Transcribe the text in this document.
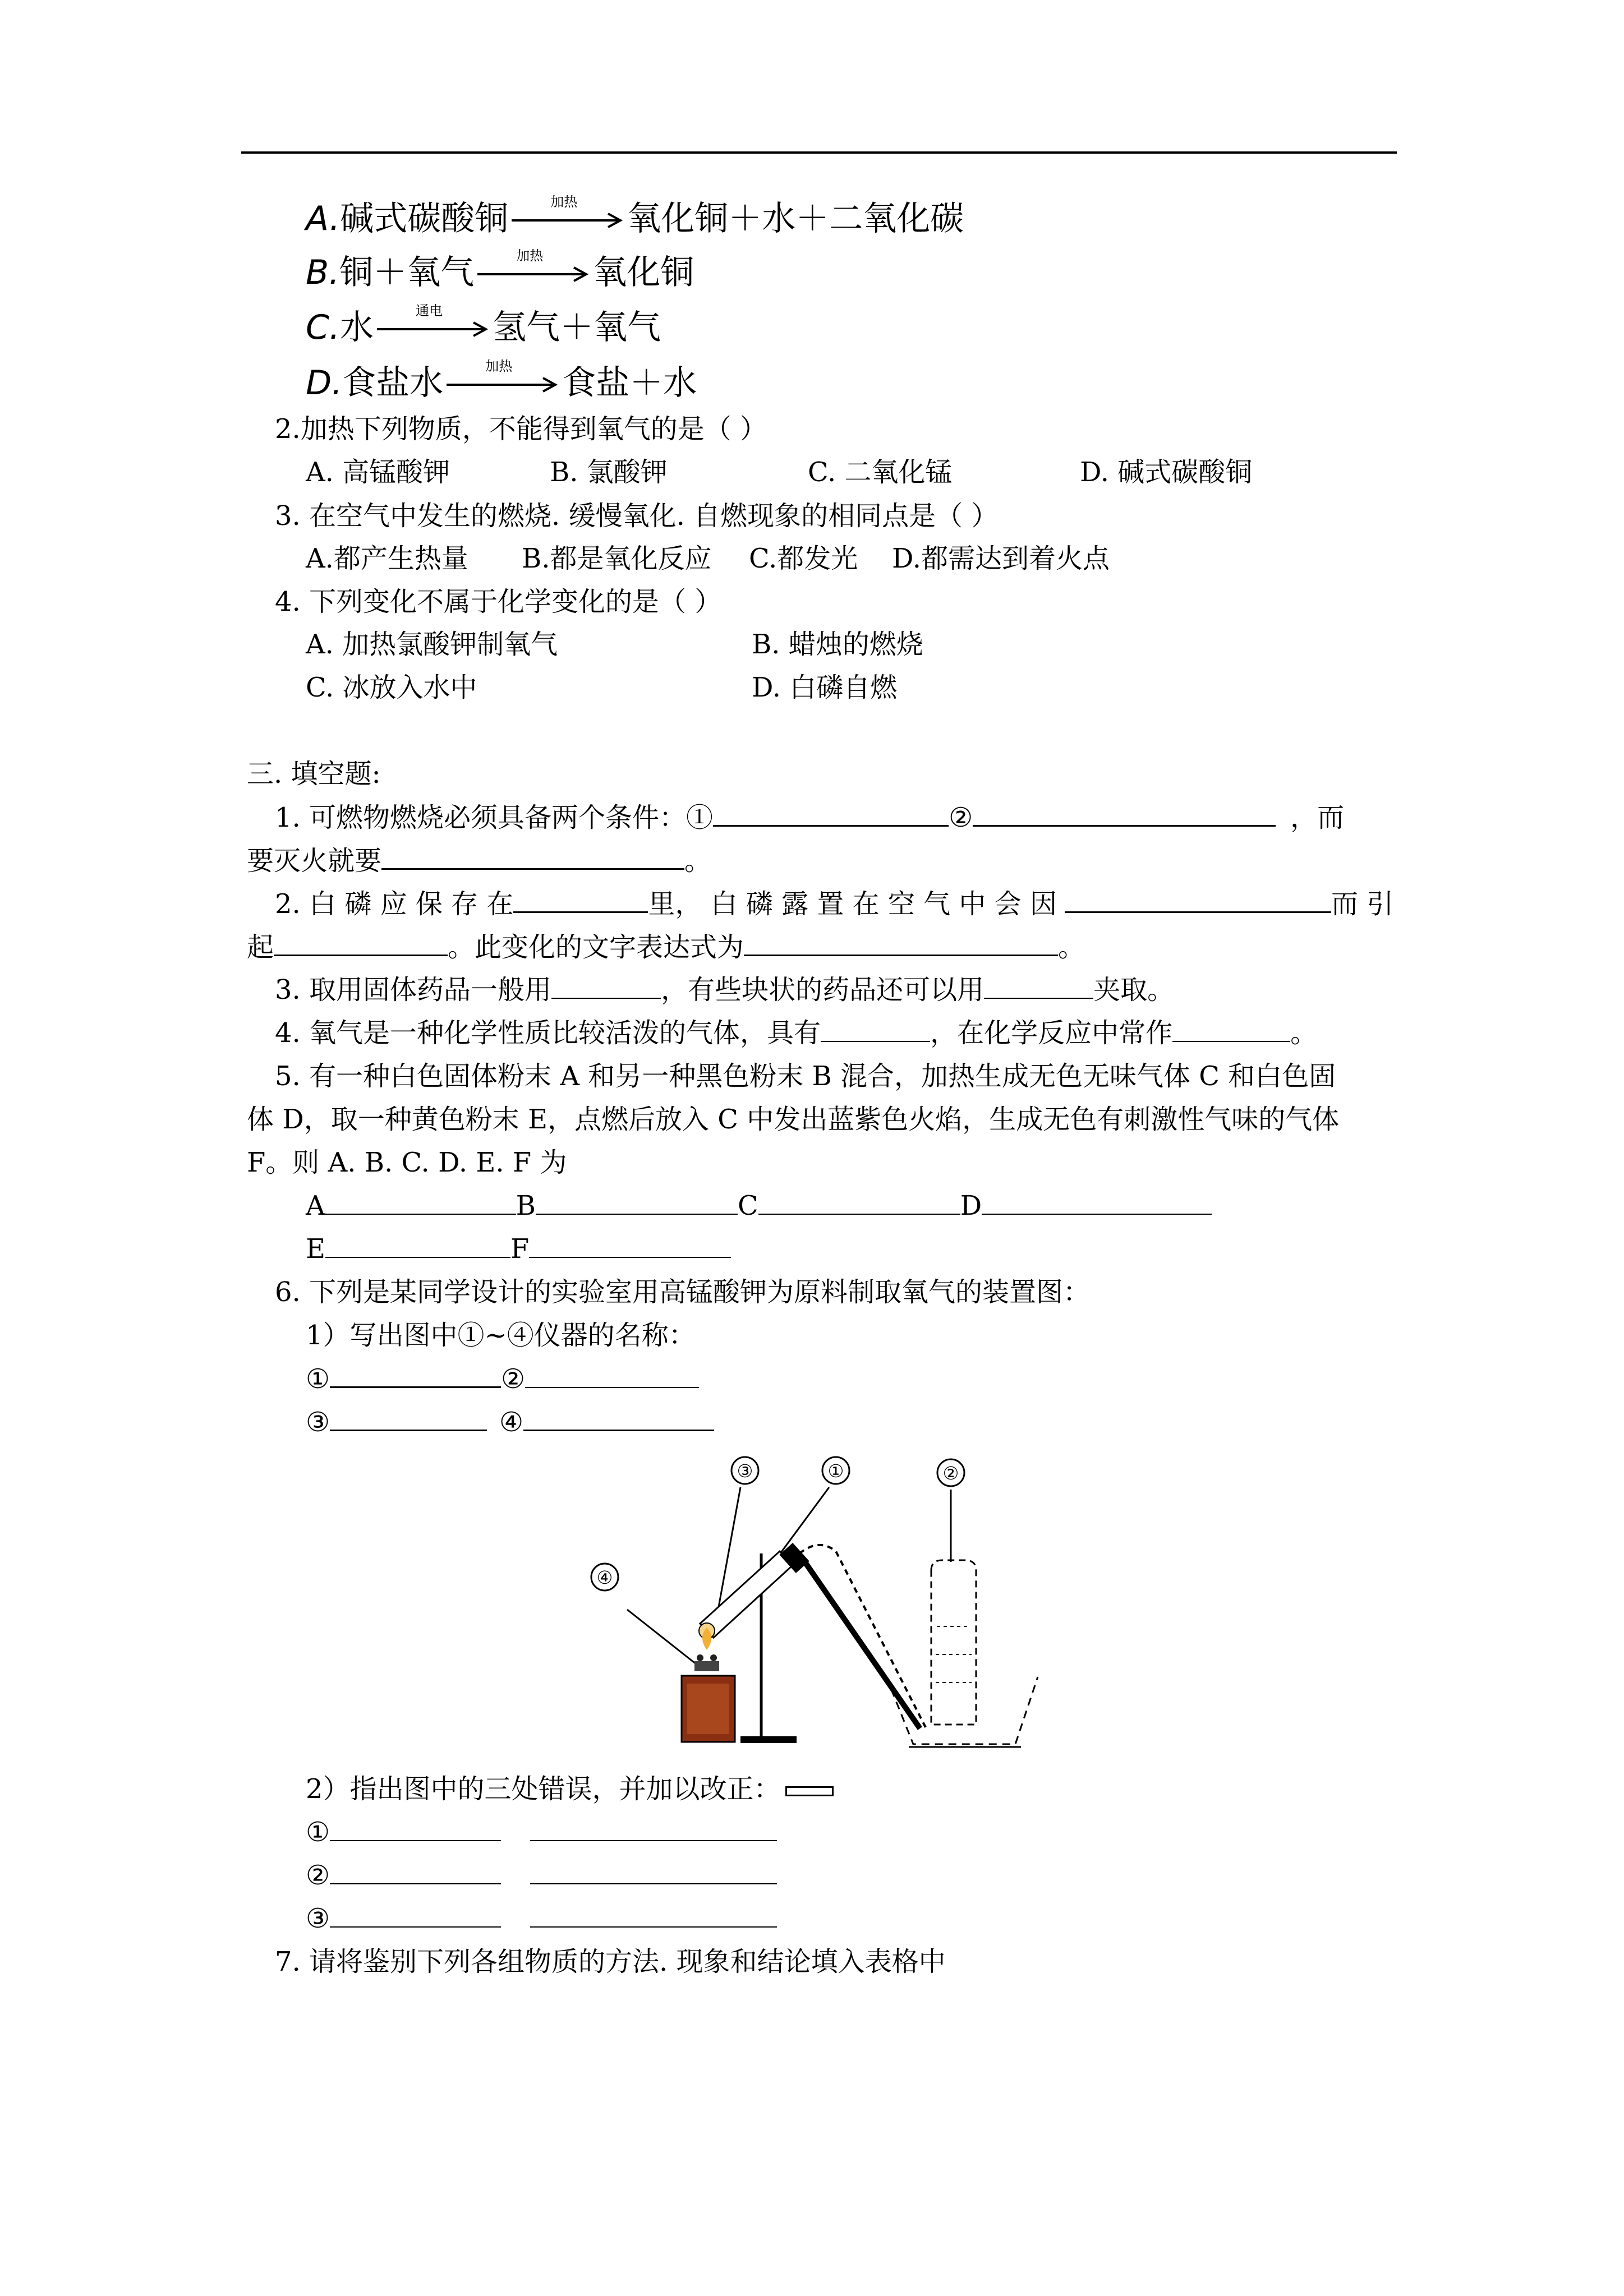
A.碱式碳酸铜	加热	氧化铜＋水＋二氧化碳
B.铜＋氧气	加热	氧化铜
C.水	通电	氢气＋氧气
D.食盐水	加热	食盐＋水
2.加热下列物质，不能得到氧气的是（ ）
A. 高锰酸钾	B. 氯酸钾	C. 二氧化锰	D. 碱式碳酸铜
3. 在空气中发生的燃烧. 缓慢氧化. 自燃现象的相同点是（ ）
A.都产生热量 B.都是氧化反应 C.都发光 D.都需达到着火点
4. 下列变化不属于化学变化的是（ ）
A. 加热氯酸钾制氧气	B. 蜡烛的燃烧
C. 冰放入水中	D. 白磷自燃
三. 填空题:
1. 可燃物燃烧必须具备两个条件：①	②	，而
要灭火就要	。
2. 白 磷 应 保 存 在	里， 白 磷 露 置 在 空 气 中 会 因	而 引
起	。此变化的文字表达式为	。
3. 取用固体药品一般用	，有些块状的药品还可以用	夹取。
4. 氧气是一种化学性质比较活泼的气体，具有	，在化学反应中常作	。
5. 有一种白色固体粉末 A 和另一种黑色粉末 B 混合，加热生成无色无味气体 C 和白色固
体 D，取一种黄色粉末 E，点燃后放入 C 中发出蓝紫色火焰，生成无色有刺激性气味的气体
F。则 A. B. C. D. E. F 为
A	B	C	D
E	F
6. 下列是某同学设计的实验室用高锰酸钾为原料制取氧气的装置图：
1）写出图中①~④仪器的名称：
①	②
③	④
③	①	②
④
2）指出图中的三处错误，并加以改正：
①
②
③
7. 请将鉴别下列各组物质的方法. 现象和结论填入表格中
